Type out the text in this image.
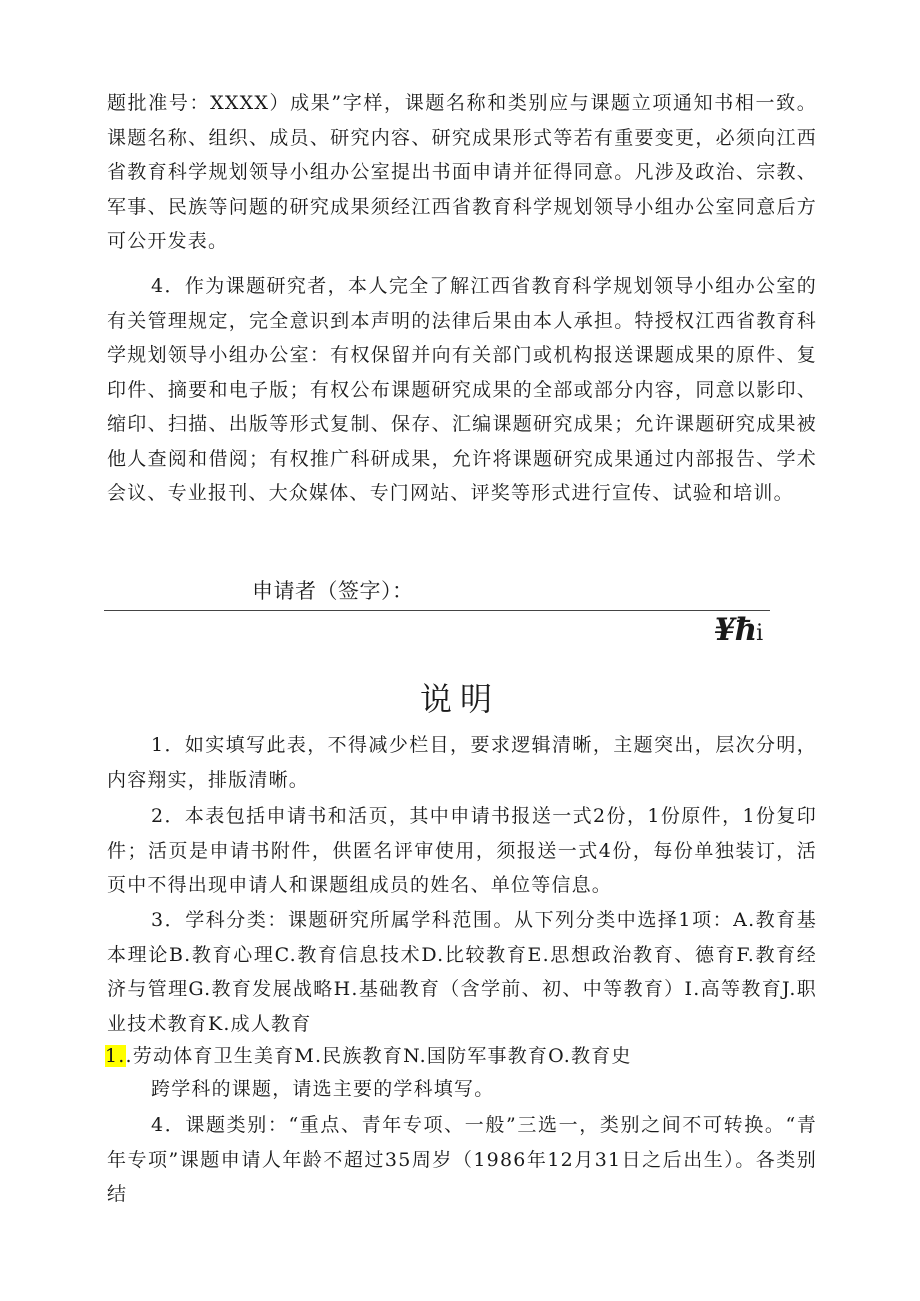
题批准号：XXXX）成果”字样，课题名称和类别应与课题立项通知书相一致。课题名称、组织、成员、研究内容、研究成果形式等若有重要变更，必须向江西省教育科学规划领导小组办公室提出书面申请并征得同意。凡涉及政治、宗教、军事、民族等问题的研究成果须经江西省教育科学规划领导小组办公室同意后方可公开发表。

4．作为课题研究者，本人完全了解江西省教育科学规划领导小组办公室的有关管理规定，完全意识到本声明的法律后果由本人承担。特授权江西省教育科学规划领导小组办公室：有权保留并向有关部门或机构报送课题成果的原件、复印件、摘要和电子版；有权公布课题研究成果的全部或部分内容，同意以影印、缩印、扫描、出版等形式复制、保存、汇编课题研究成果；允许课题研究成果被他人查阅和借阅；有权推广科研成果，允许将课题研究成果通过内部报告、学术会议、专业报刊、大众媒体、专门网站、评奖等形式进行宣传、试验和培训。

申请者（签字）：
¥ħi
说明

1．如实填写此表，不得减少栏目，要求逻辑清晰，主题突出，层次分明，内容翔实，排版清晰。

2．本表包括申请书和活页，其中申请书报送一式2份，1份原件，1份复印件；活页是申请书附件，供匿名评审使用，须报送一式4份，每份单独装订，活页中不得出现申请人和课题组成员的姓名、单位等信息。

3．学科分类：课题研究所属学科范围。从下列分类中选择1项：A.教育基本理论B.教育心理C.教育信息技术D.比较教育E.思想政治教育、德育F.教育经济与管理G.教育发展战略H.基础教育（含学前、初、中等教育）I.高等教育J.职业技术教育K.成人教育

1..劳动体育卫生美育M.民族教育N.国防军事教育O.教育史
跨学科的课题，请选主要的学科填写。

4．课题类别：“重点、青年专项、一般”三选一，类别之间不可转换。“青年专项”课题申请人年龄不超过35周岁（1986年12月31日之后出生）。各类别结
